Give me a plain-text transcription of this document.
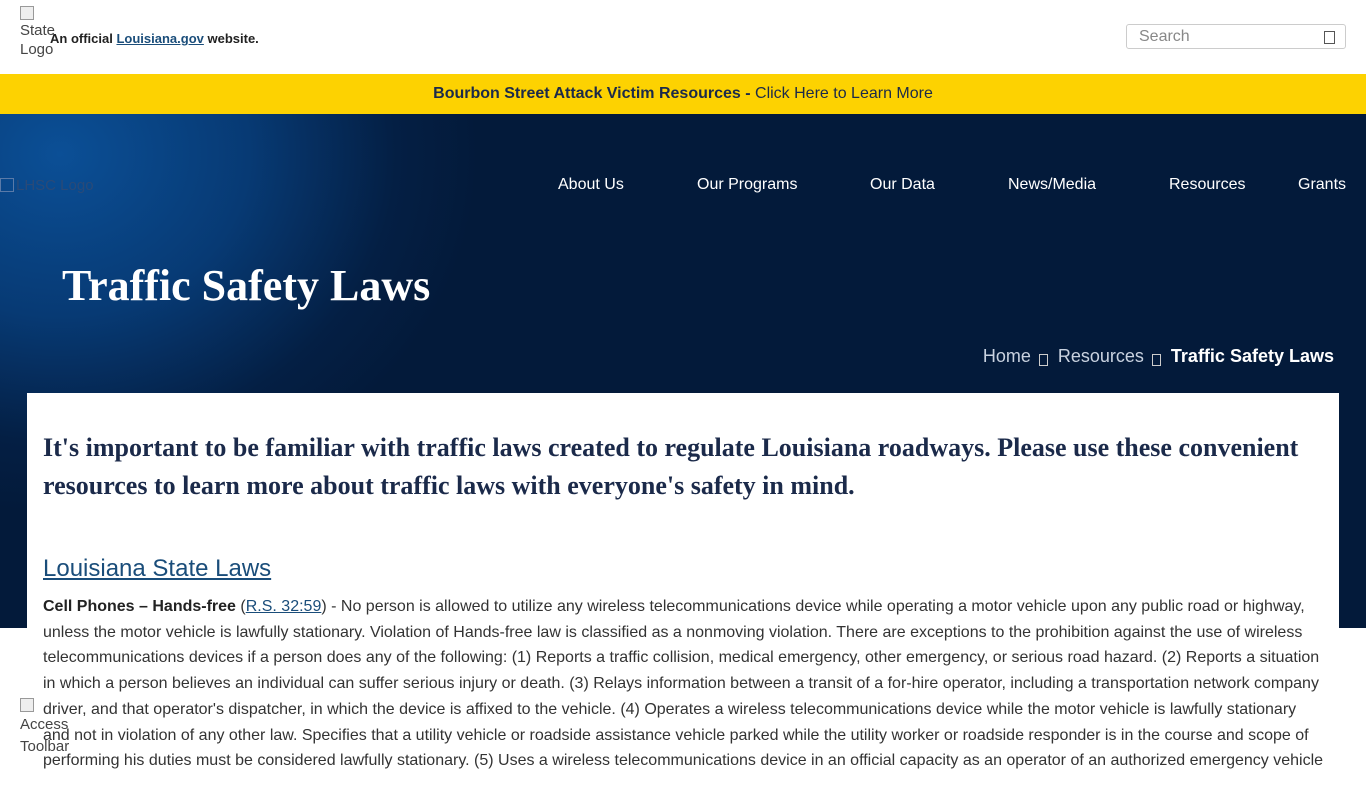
State Logo
An official Louisiana.gov website.
Search
Bourbon Street Attack Victim Resources - Click Here to Learn More
LHSC Logo	About Us	Our Programs	Our Data	News/Media	Resources	Grants
Traffic Safety Laws
Home Resources Traffic Safety Laws

It's important to be familiar with traffic laws created to regulate Louisiana roadways. Please use these convenient resources to learn more about traffic laws with everyone's safety in mind.

Louisiana State Laws

Cell Phones – Hands-free (R.S. 32:59) - No person is allowed to utilize any wireless telecommunications device while operating a motor vehicle upon any public road or highway, unless the motor vehicle is lawfully stationary. Violation of Hands-free law is classified as a nonmoving violation. There are exceptions to the prohibition against the use of wireless telecommunications devices if a person does any of the following: (1) Reports a traffic collision, medical emergency, other emergency, or serious road hazard. (2) Reports a situation in which a person believes an individual can suffer serious injury or death. (3) Relays information between a transit of a for-hire operator, including a transportation network company driver, and that operator's dispatcher, in which the device is affixed to the vehicle. (4) Operates a wireless telecommunications device while the motor vehicle is lawfully stationary and not in violation of any other law. Specifies that a utility vehicle or roadside assistance vehicle parked while the utility worker or roadside responder is in the course and scope of performing his duties must be considered lawfully stationary. (5) Uses a wireless telecommunications device in an official capacity as an operator of an authorized emergency vehicle

Access Toolbar
